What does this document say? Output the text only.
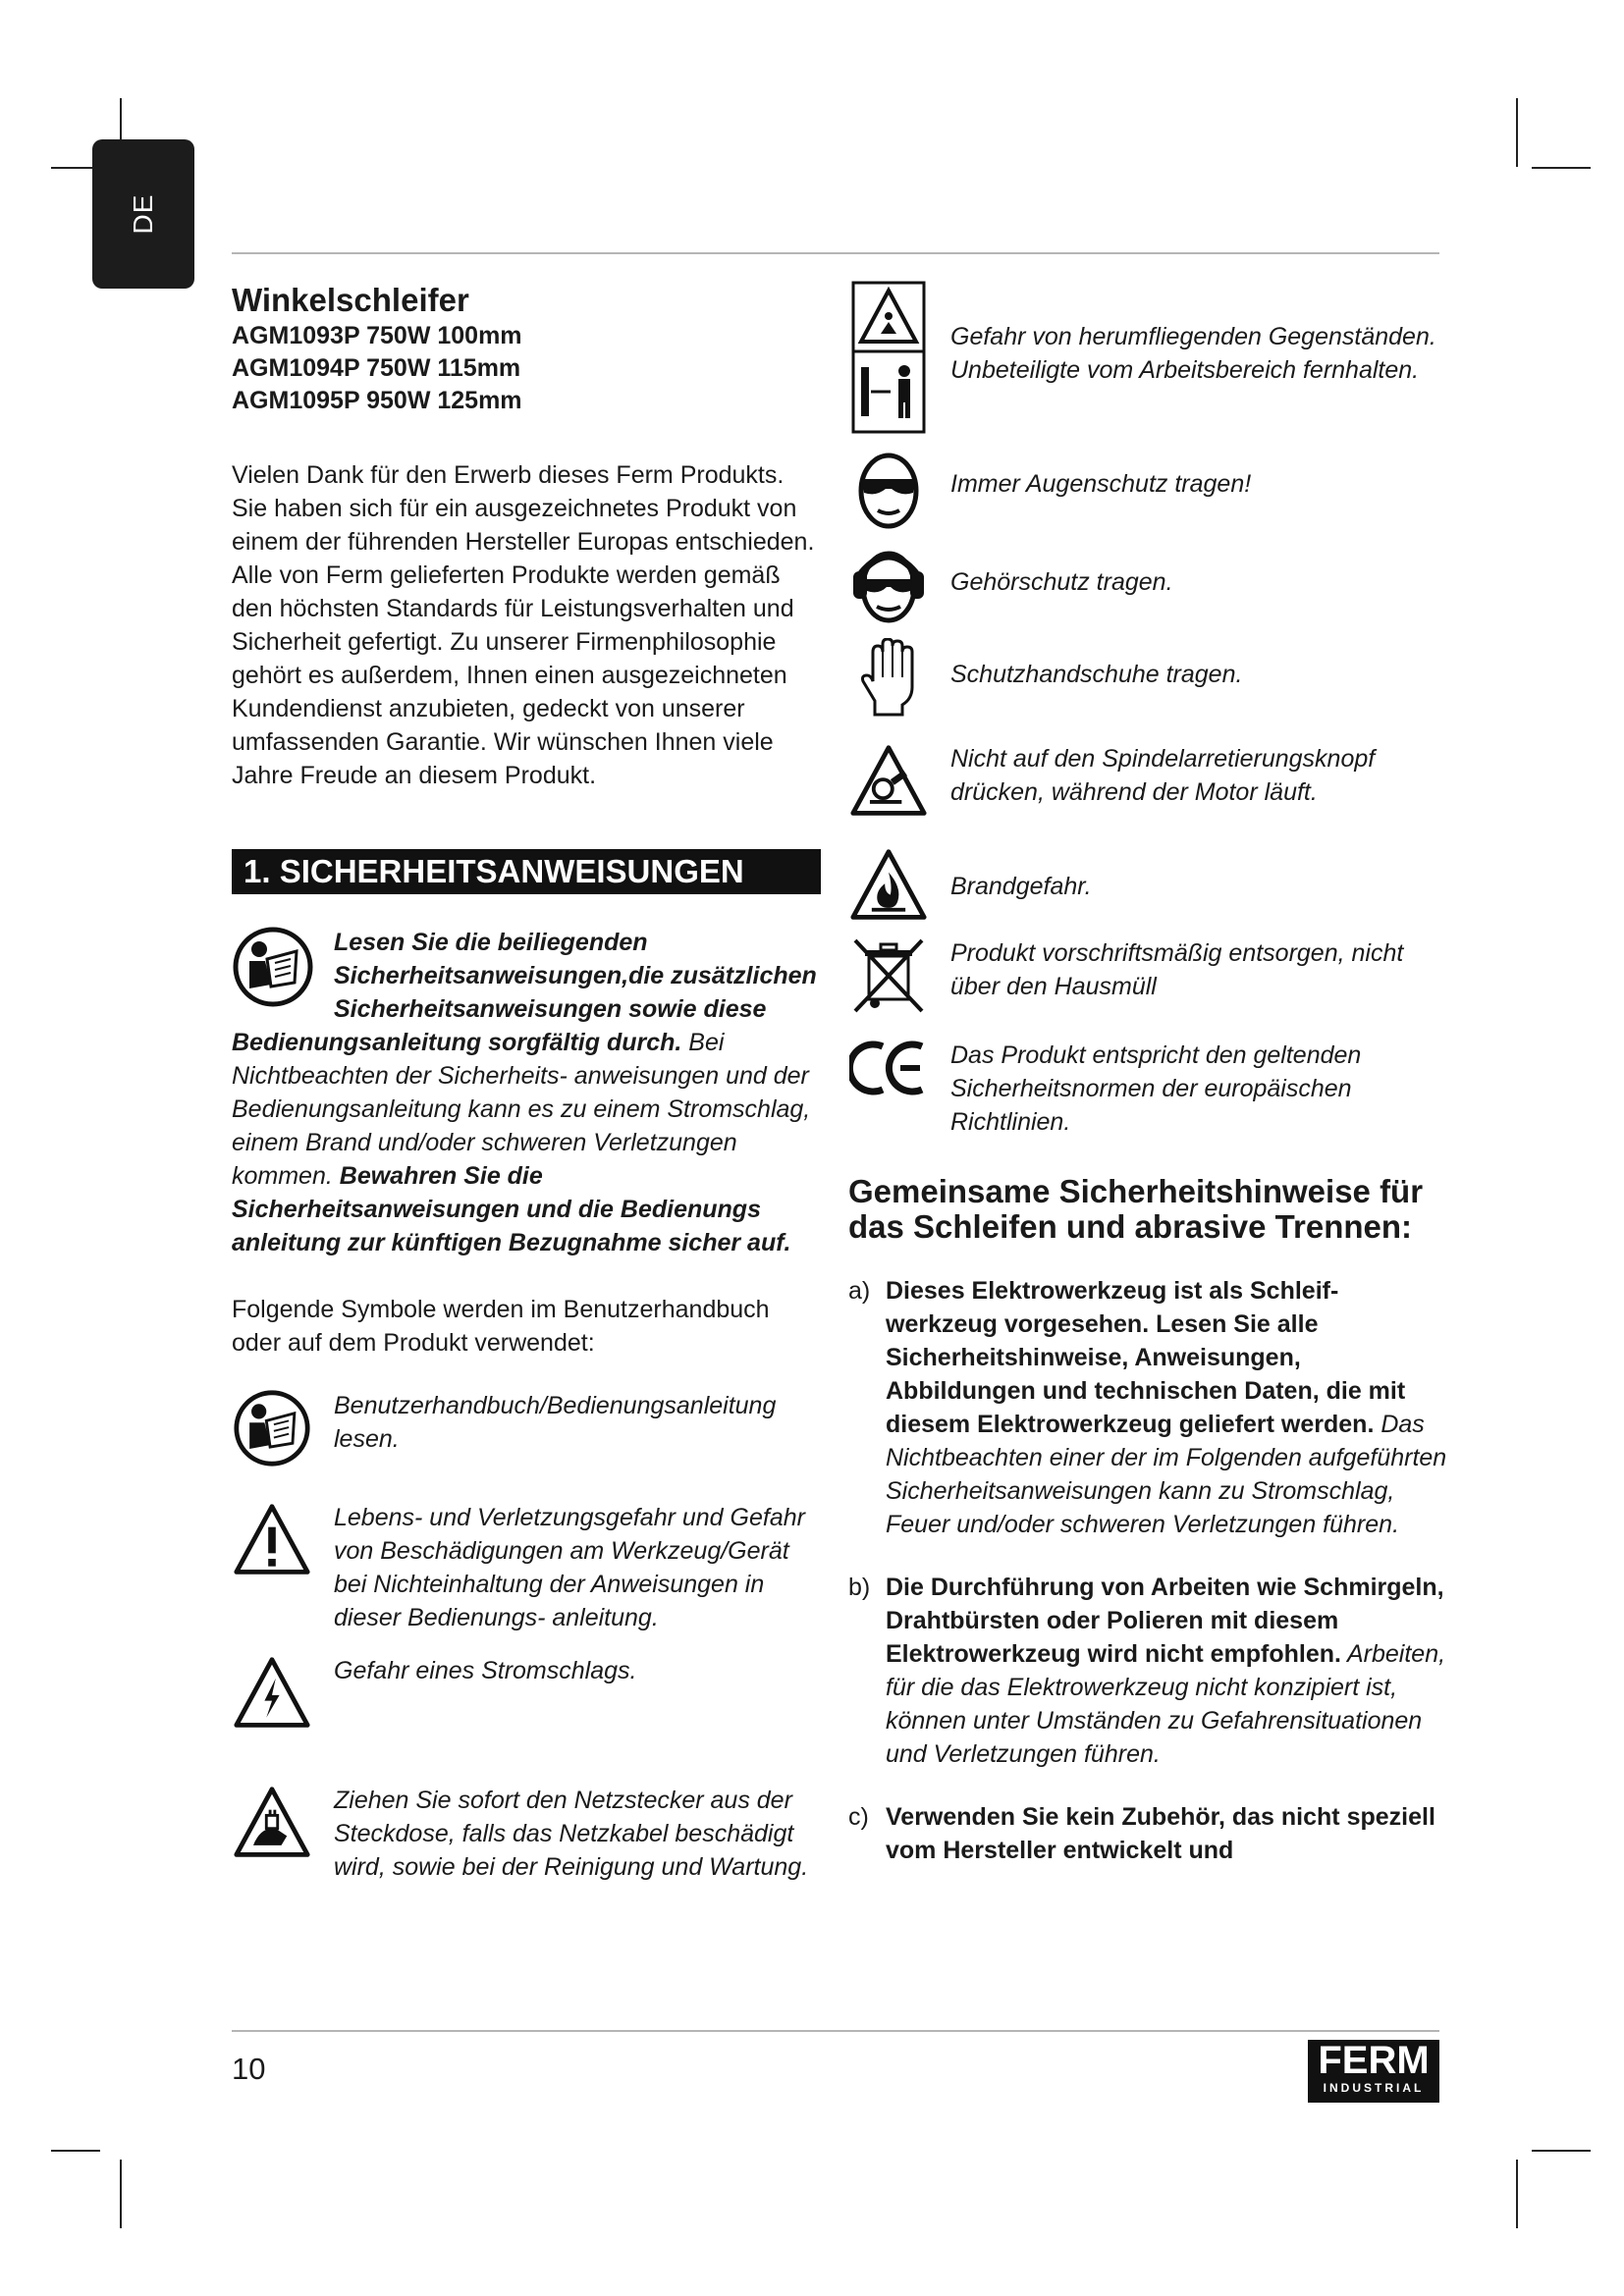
DE
Winkelschleifer

AGM1093P 750W 100mm

AGM1094P 750W 115mm

AGM1095P 950W 125mm

Vielen Dank für den Erwerb dieses Ferm Produkts. Sie haben sich für ein ausgezeichnetes Produkt von einem der führenden Hersteller Europas entschieden. Alle von Ferm gelieferten Produkte werden gemäß den höchsten Standards für Leistungsverhalten und Sicherheit gefertigt. Zu unserer Firmenphilosophie gehört es außerdem, Ihnen einen ausgezeichneten Kundendienst anzubieten, gedeckt von unserer umfassenden Garantie. Wir wünschen Ihnen viele Jahre Freude an diesem Produkt.
1. SICHERHEITSANWEISUNGEN
Lesen Sie die beiliegenden Sicherheitsanweisungen,die zusätzlichen Sicherheitsanweisungen sowie diese Bedienungsanleitung sorgfältig durch. Bei Nichtbeachten der Sicherheits- anweisungen und der Bedienungsanleitung kann es zu einem Stromschlag, einem Brand und/oder schweren Verletzungen kommen. Bewahren Sie die Sicherheitsanweisungen und die Bedienungs anleitung zur künftigen Bezugnahme sicher auf.
Folgende Symbole werden im Benutzerhandbuch oder auf dem Produkt verwendet:
Benutzerhandbuch/Bedienungsanleitung lesen.
Lebens- und Verletzungsgefahr und Gefahr von Beschädigungen am Werkzeug/Gerät bei Nichteinhaltung der Anweisungen in dieser Bedienungs- anleitung.
Gefahr eines Stromschlags.
Ziehen Sie sofort den Netzstecker aus der Steckdose, falls das Netzkabel beschädigt wird, sowie bei der Reinigung und Wartung.
Gefahr von herumfliegenden Gegenständen. Unbeteiligte vom Arbeitsbereich fernhalten.
Immer Augenschutz tragen!
Gehörschutz tragen.
Schutzhandschuhe tragen.
Nicht auf den Spindelarretierungsknopf drücken, während der Motor läuft.
Brandgefahr.
Produkt vorschriftsmäßig entsorgen, nicht über den Hausmüll
Das Produkt entspricht den geltenden Sicherheitsnormen der europäischen Richtlinien.
Gemeinsame Sicherheitshinweise für das Schleifen und abrasive Trennen:
a) Dieses Elektrowerkzeug ist als Schleif- werkzeug vorgesehen. Lesen Sie alle Sicherheitshinweise, Anweisungen, Abbildungen und technischen Daten, die mit diesem Elektrowerkzeug geliefert werden. Das Nichtbeachten einer der im Folgenden aufgeführten Sicherheitsanweisungen kann zu Stromschlag, Feuer und/oder schweren Verletzungen führen.
b) Die Durchführung von Arbeiten wie Schmirgeln, Drahtbürsten oder Polieren mit diesem Elektrowerkzeug wird nicht empfohlen. Arbeiten, für die das Elektrowerkzeug nicht konzipiert ist, können unter Umständen zu Gefahrensituationen und Verletzungen führen.
c) Verwenden Sie kein Zubehör, das nicht speziell vom Hersteller entwickelt und
10	FERM
INDUSTRIAL
